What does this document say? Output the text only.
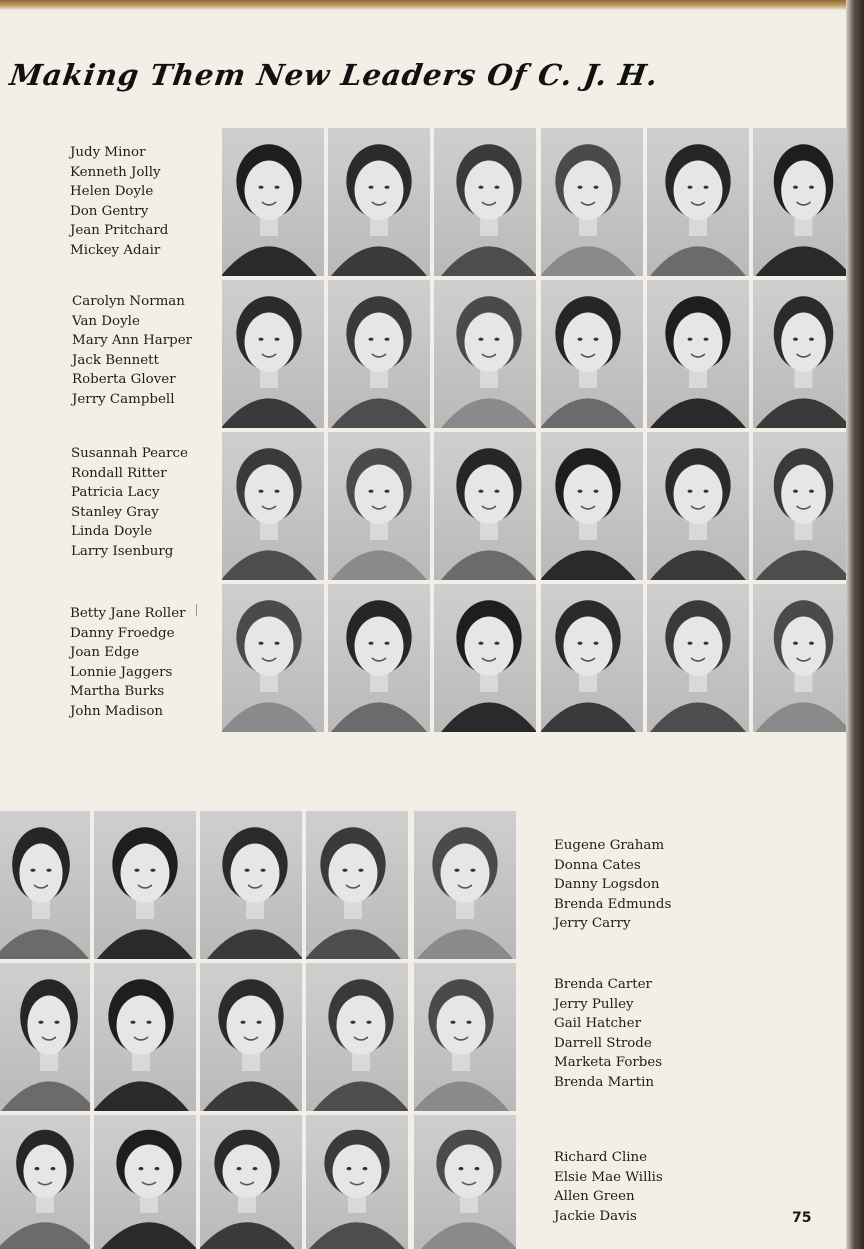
Making Them New Leaders Of C. J. H.
Judy Minor
Kenneth Jolly
Helen Doyle
Don Gentry
Jean Pritchard
Mickey Adair
Carolyn Norman
Van Doyle
Mary Ann Harper
Jack Bennett
Roberta Glover
Jerry Campbell
Susannah Pearce
Rondall Ritter
Patricia Lacy
Stanley Gray
Linda Doyle
Larry Isenburg
Betty Jane Roller
Danny Froedge
Joan Edge
Lonnie Jaggers
Martha Burks
John Madison
Eugene Graham
Donna Cates
Danny Logsdon
Brenda Edmunds
Jerry Carry
Brenda Carter
Jerry Pulley
Gail Hatcher
Darrell Strode
Marketa Forbes
Brenda Martin
Richard Cline
Elsie Mae Willis
Allen Green
Jackie Davis	75
